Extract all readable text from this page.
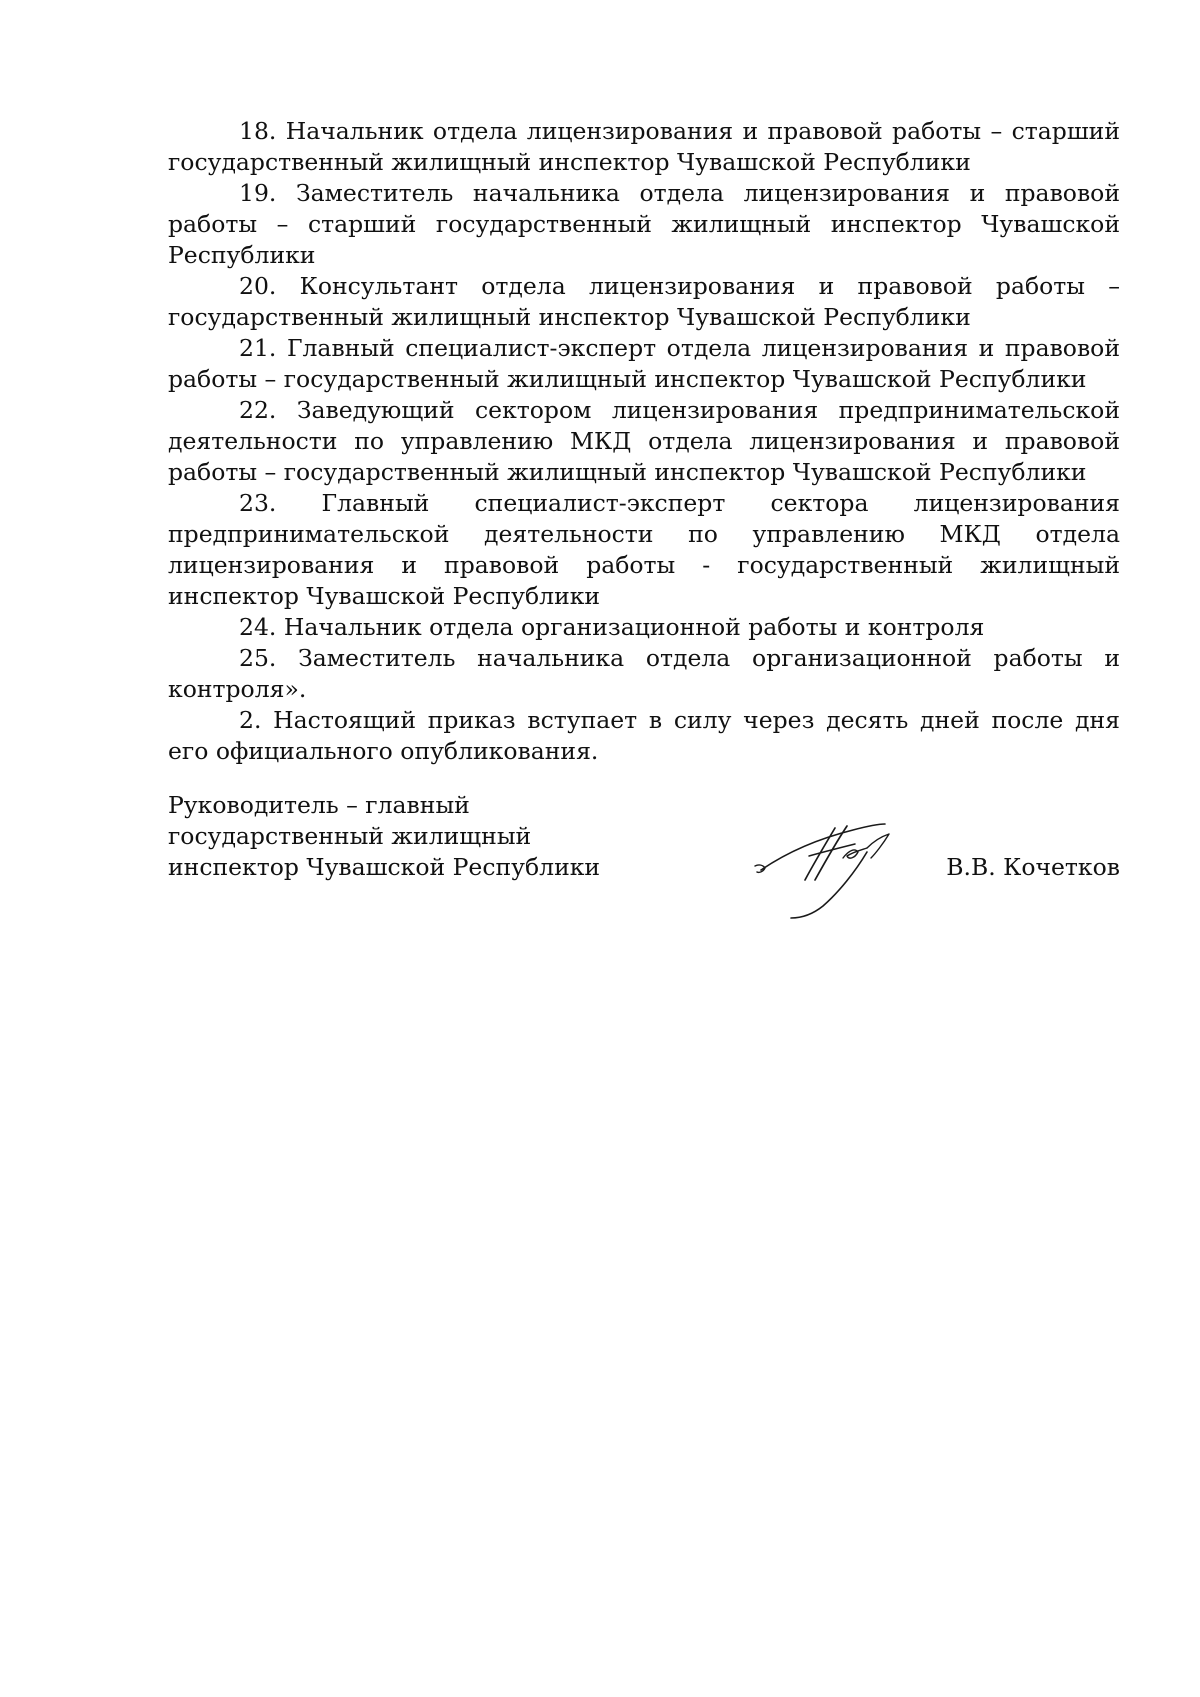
18. Начальник отдела лицензирования и правовой работы – старший государственный жилищный инспектор Чувашской Республики

19. Заместитель начальника отдела лицензирования и правовой работы – старший государственный жилищный инспектор Чувашской Республики

20. Консультант отдела лицензирования и правовой работы – государственный жилищный инспектор Чувашской Республики

21. Главный специалист-эксперт отдела лицензирования и правовой работы – государственный жилищный инспектор Чувашской Республики

22. Заведующий сектором лицензирования предпринимательской деятельности по управлению МКД отдела лицензирования и правовой работы – государственный жилищный инспектор Чувашской Республики

23. Главный специалист-эксперт сектора лицензирования предпринимательской деятельности по управлению МКД отдела лицензирования и правовой работы - государственный жилищный инспектор Чувашской Республики

24. Начальник отдела организационной работы и контроля

25. Заместитель начальника отдела организационной работы и контроля».

2. Настоящий приказ вступает в силу через десять дней после дня его официального опубликования.

Руководитель – главный
государственный жилищный
инспектор Чувашской Республики	В.В. Кочетков
